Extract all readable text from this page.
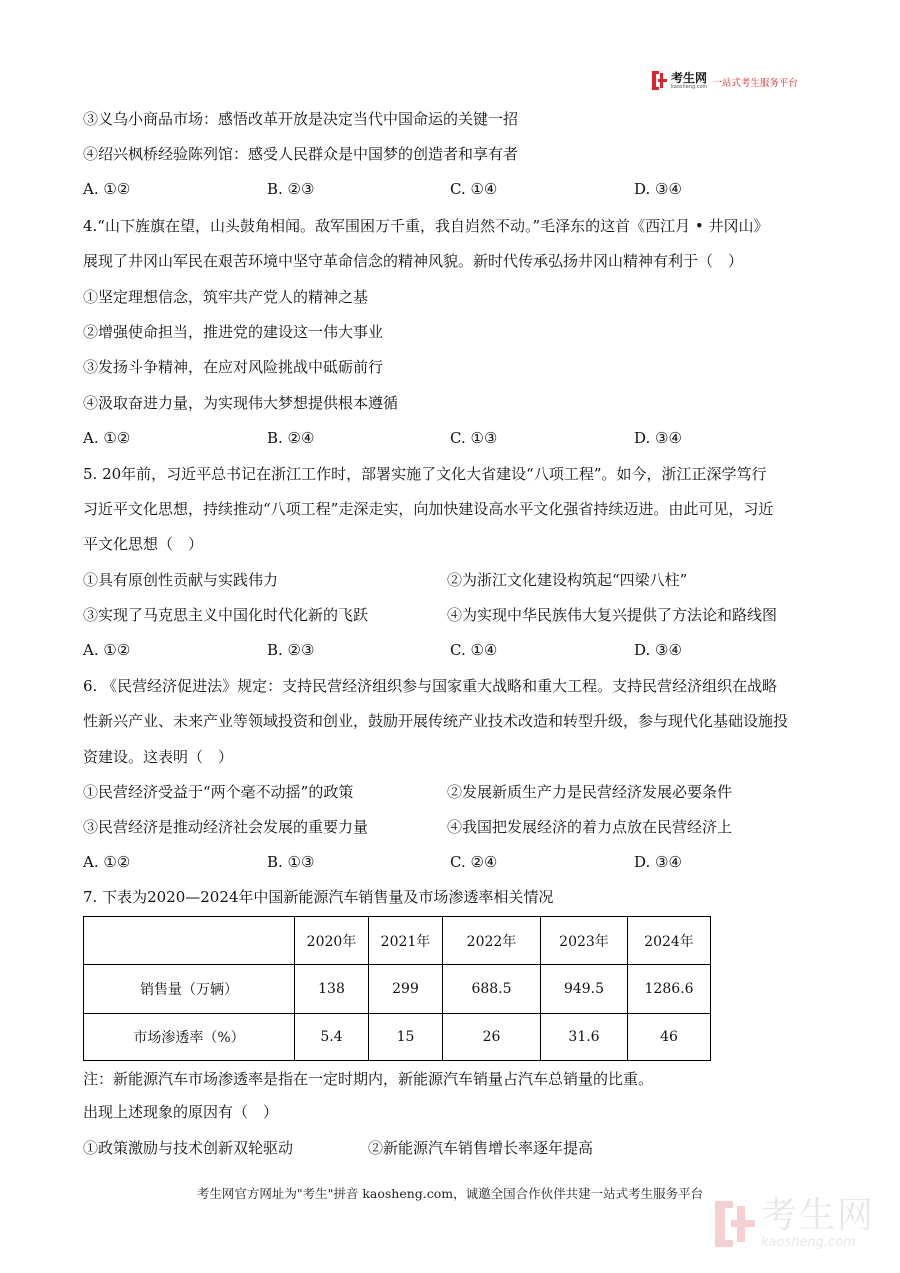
考生网
kaosheng.com 一站式考生服务平台
③义乌小商品市场：感悟改革开放是决定当代中国命运的关键一招
④绍兴枫桥经验陈列馆：感受人民群众是中国梦的创造者和享有者
A. ①②	B. ②③	C. ①④	D. ③④
4.“山下旌旗在望，山头鼓角相闻。敌军围困万千重，我自岿然不动。”毛泽东的这首《西江月 • 井冈山》
展现了井冈山军民在艰苦环境中坚守革命信念的精神风貌。新时代传承弘扬井冈山精神有利于（　）
①坚定理想信念，筑牢共产党人的精神之基
②增强使命担当，推进党的建设这一伟大事业
③发扬斗争精神，在应对风险挑战中砥砺前行
④汲取奋进力量，为实现伟大梦想提供根本遵循
A. ①②	B. ②④	C. ①③	D. ③④
5. 20年前，习近平总书记在浙江工作时，部署实施了文化大省建设“八项工程”。如今，浙江正深学笃行
习近平文化思想，持续推动“八项工程”走深走实，向加快建设高水平文化强省持续迈进。由此可见，习近
平文化思想（　）
①具有原创性贡献与实践伟力	②为浙江文化建设构筑起“四梁八柱”
③实现了马克思主义中国化时代化新的飞跃	④为实现中华民族伟大复兴提供了方法论和路线图
A. ①②	B. ②③	C. ①④	D. ③④
6. 《民营经济促进法》规定：支持民营经济组织参与国家重大战略和重大工程。支持民营经济组织在战略
性新兴产业、未来产业等领域投资和创业，鼓励开展传统产业技术改造和转型升级，参与现代化基础设施投
资建设。这表明（　）
①民营经济受益于“两个毫不动摇”的政策	②发展新质生产力是民营经济发展必要条件
③民营经济是推动经济社会发展的重要力量	④我国把发展经济的着力点放在民营经济上
A. ①②	B. ①③	C. ②④	D. ③④
7. 下表为2020—2024年中国新能源汽车销售量及市场渗透率相关情况
	2020年	2021年	2022年	2023年	2024年
销售量（万辆）	138	299	688.5	949.5	1286.6
市场渗透率（%）	5.4	15	26	31.6	46
注：新能源汽车市场渗透率是指在一定时期内，新能源汽车销量占汽车总销量的比重。
出现上述现象的原因有（　）
①政策激励与技术创新双轮驱动	②新能源汽车销售增长率逐年提高
考生网官方网址为"考生"拼音 kaosheng.com，诚邀全国合作伙伴共建一站式考生服务平台
考生网
kaosheng.com
